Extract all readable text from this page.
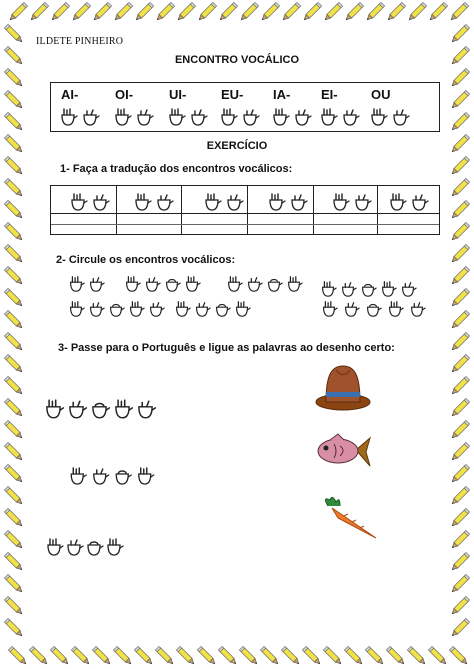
ILDETE PINHEIRO
ENCONTRO VOCÁLICO
AI-	OI-	UI-	EU-	IA-	EI-	OU
EXERCÍCIO
1- Faça a tradução dos encontros vocálicos:
2- Circule os encontros vocálicos:
3- Passe para o Português e ligue as palavras ao desenho certo:
